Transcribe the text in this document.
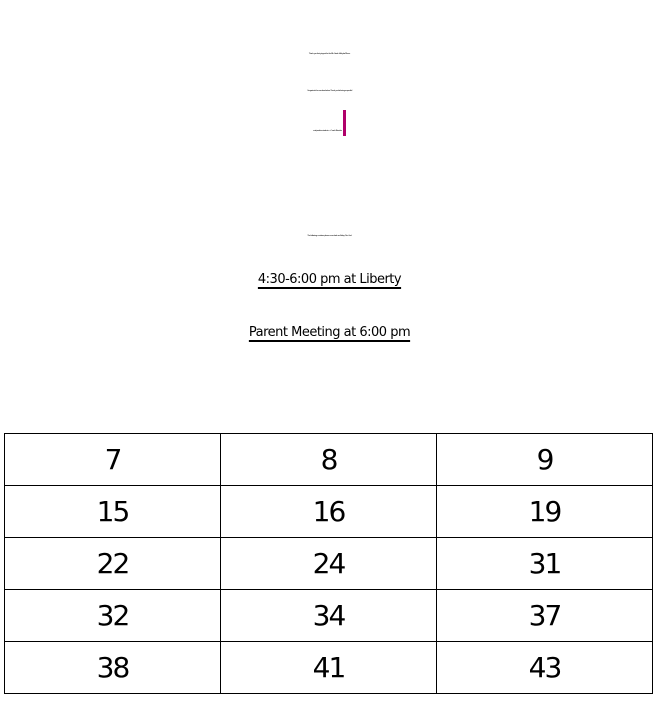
Thank you for trying out for the 8th Grade Volleyball Team.
Congrats to the numbers below. Thank you for being respectful
and positive students. --- Coach Reiniche
The following numbers please come back on Friday, Dec 2nd.
4:30-6:00 pm at Liberty
Parent Meeting at 6:00 pm
7	8	9
15	16	19
22	24	31
32	34	37
38	41	43
